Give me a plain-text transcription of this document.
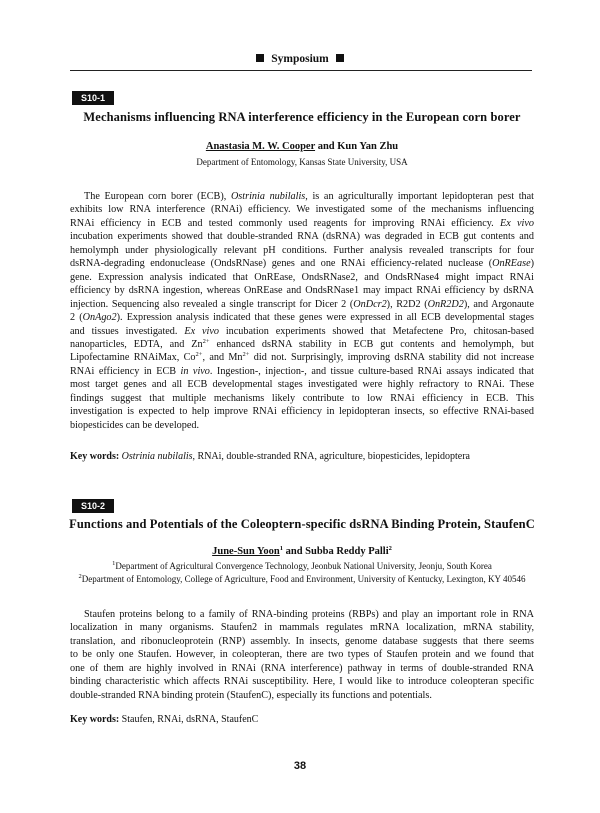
Symposium
S10-1
Mechanisms influencing RNA interference efficiency in the European corn borer
Anastasia M. W. Cooper and Kun Yan Zhu
Department of Entomology, Kansas State University, USA
The European corn borer (ECB), Ostrinia nubilalis, is an agriculturally important lepidopteran pest that
exhibits low RNA interference (RNAi) efficiency. We investigated some of the mechanisms influencing
RNAi efficiency in ECB and tested commonly used reagents for improving RNAi efficiency. Ex vivo
incubation experiments showed that double-stranded RNA (dsRNA) was degraded in ECB gut contents and
hemolymph under physiologically relevant pH conditions. Further analysis revealed transcripts for four
dsRNA-degrading endonuclease (OndsRNase) genes and one RNAi efficiency-related nuclease (OnREase)
gene. Expression analysis indicated that OnREase, OndsRNase2, and OndsRNase4 might impact RNAi
efficiency by dsRNA ingestion, whereas OnREase and OndsRNase1 may impact RNAi efficiency by dsRNA
injection. Sequencing also revealed a single transcript for Dicer 2 (OnDcr2), R2D2 (OnR2D2), and Argonaute
2 (OnAgo2). Expression analysis indicated that these genes were expressed in all ECB developmental stages
and tissues investigated. Ex vivo incubation experiments showed that Metafectene Pro, chitosan-based
nanoparticles, EDTA, and $Zn^{2+}$ enhanced dsRNA stability in ECB gut contents and hemolymph, but
Lipofectamine RNAiMax, $Co^{2+}$, and $Mn^{2+}$ did not. Surprisingly, improving dsRNA stability did not increase
RNAi efficiency in ECB in vivo. Ingestion-, injection-, and tissue culture-based RNAi assays indicated that
most target genes and all ECB developmental stages investigated were highly refractory to RNAi. These
findings suggest that multiple mechanisms likely contribute to low RNAi efficiency in ECB. This
investigation is expected to help improve RNAi efficiency in lepidopteran insects, so effective RNAi-based
biopesticides can be developed.
Key words: Ostrinia nubilalis, RNAi, double-stranded RNA, agriculture, biopesticides, lepidoptera
S10-2
Functions and Potentials of the Coleoptern-specific dsRNA Binding Protein, StaufenC
June-Sun Yoon$^1$ and Subba Reddy Palli$^2$
$^1$Department of Agricultural Convergence Technology, Jeonbuk National University, Jeonju, South Korea
$^2$Department of Entomology, College of Agriculture, Food and Environment, University of Kentucky, Lexington, KY 40546
Staufen proteins belong to a family of RNA-binding proteins (RBPs) and play an important role in RNA
localization in many organisms. Staufen2 in mammals regulates mRNA localization, mRNA stability,
translation, and ribonucleoprotein (RNP) assembly. In insects, genome database suggests that there seems
to be only one Staufen. However, in coleopteran, there are two types of Staufen protein and we found that
one of them are highly involved in RNAi (RNA interference) pathway in terms of double-stranded RNA
binding characteristic which affects RNAi susceptibility. Here, I would like to introduce coleopteran specific
double-stranded RNA binding protein (StaufenC), especially its functions and potentials.
Key words: Staufen, RNAi, dsRNA, StaufenC
38
